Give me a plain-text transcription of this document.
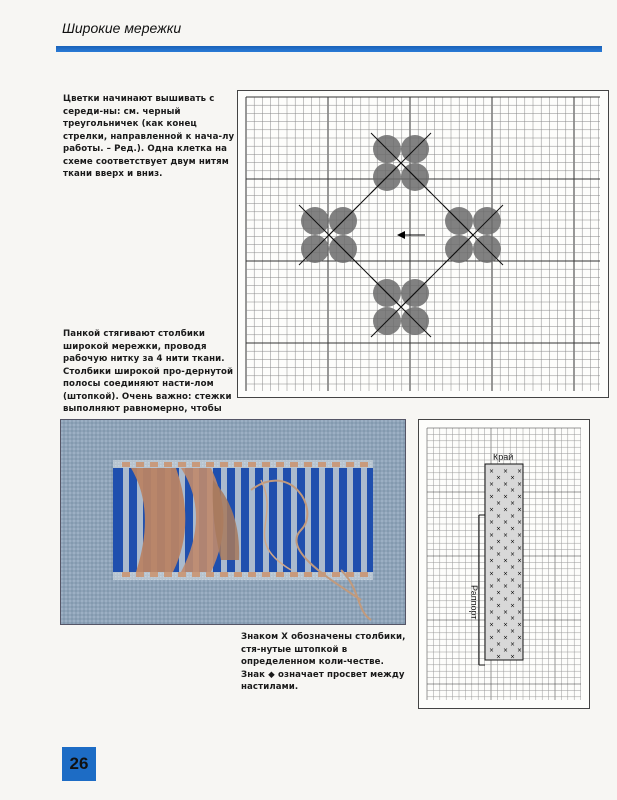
Широкие мережки
Цветки начинают вышивать с середи-ны: см. черный треугольничек (как конец стрелки, направленной к нача-лу работы. – Ред.). Одна клетка на схеме соответствует двум нитям ткани вверх и вниз.
Панкой стягивают столбики широкой мережки, проводя рабочую нитку за 4 нити ткани. Столбики широкой про-дернутой полосы соединяют насти-лом (штопкой). Очень важно: стежки выполняют равномерно, чтобы
Знаком X обозначены столбики, стя-нутые штопкой в определенном коли-честве. Знак ◆ означает просвет между настилами.
Край
Раппорт
× × ×
× ×
× × ×
× ×
× × ×
× ×
× × ×
× ×
× × ×
× ×
× × ×
× ×
× × ×
× ×
× × ×
× ×
× × ×
× ×
× × ×
× ×
× × ×
× ×
× × ×
× ×
× × ×
× ×
× × ×
× ×
× × ×
× ×
26
